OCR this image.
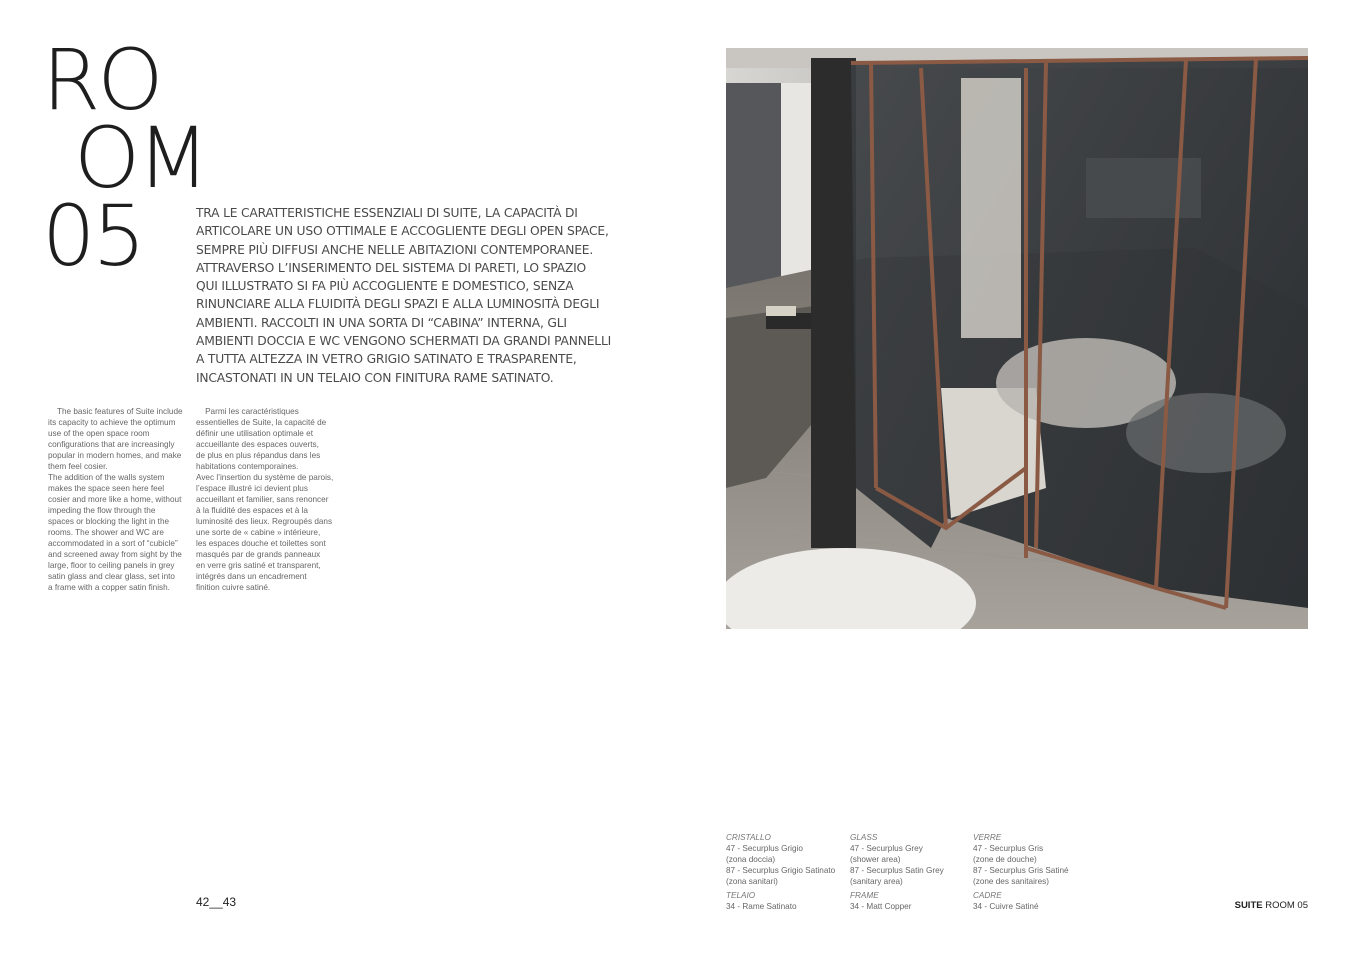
RO
OM
05	TRA LE CARATTERISTICHE ESSENZIALI DI SUITE, LA CAPACITÀ DI
ARTICOLARE UN USO OTTIMALE E ACCOGLIENTE DEGLI OPEN SPACE,
SEMPRE PIÙ DIFFUSI ANCHE NELLE ABITAZIONI CONTEMPORANEE.
ATTRAVERSO L’INSERIMENTO DEL SISTEMA DI PARETI, LO SPAZIO
QUI ILLUSTRATO SI FA PIÙ ACCOGLIENTE E DOMESTICO, SENZA
RINUNCIARE ALLA FLUIDITÀ DEGLI SPAZI E ALLA LUMINOSITÀ DEGLI
AMBIENTI. RACCOLTI IN UNA SORTA DI “CABINA” INTERNA, GLI
AMBIENTI DOCCIA E WC VENGONO SCHERMATI DA GRANDI PANNELLI
A TUTTA ALTEZZA IN VETRO GRIGIO SATINATO E TRASPARENTE,
INCASTONATI IN UN TELAIO CON FINITURA RAME SATINATO.
The basic features of Suite include
its capacity to achieve the optimum
use of the open space room
configurations that are increasingly
popular in modern homes, and make
them feel cosier.
The addition of the walls system
makes the space seen here feel
cosier and more like a home, without
impeding the flow through the
spaces or blocking the light in the
rooms. The shower and WC are
accommodated in a sort of “cubicle”
and screened away from sight by the
large, floor to ceiling panels in grey
satin glass and clear glass, set into
a frame with a copper satin finish.
Parmi les caractéristiques
essentielles de Suite, la capacité de
définir une utilisation optimale et
accueillante des espaces ouverts,
de plus en plus répandus dans les
habitations contemporaines.
Avec l’insertion du système de parois,
l’espace illustré ici devient plus
accueillant et familier, sans renoncer
à la fluidité des espaces et à la
luminosité des lieux. Regroupés dans
une sorte de « cabine » intérieure,
les espaces douche et toilettes sont
masqués par de grands panneaux
en verre gris satiné et transparent,
intégrés dans un encadrement
finition cuivre satiné.
42__43
CRISTALLO
47 - Securplus Grigio
(zona doccia)
87 - Securplus Grigio Satinato
(zona sanitari)
TELAIO
34 - Rame Satinato
GLASS
47 - Securplus Grey
(shower area)
87 - Securplus Satin Grey
(sanitary area)
FRAME
34 - Matt Copper
VERRE
47 - Securplus Gris
(zone de douche)
87 - Securplus Gris Satiné
(zone des sanitaires)
CADRE
34 - Cuivre Satiné	SUITE ROOM 05
